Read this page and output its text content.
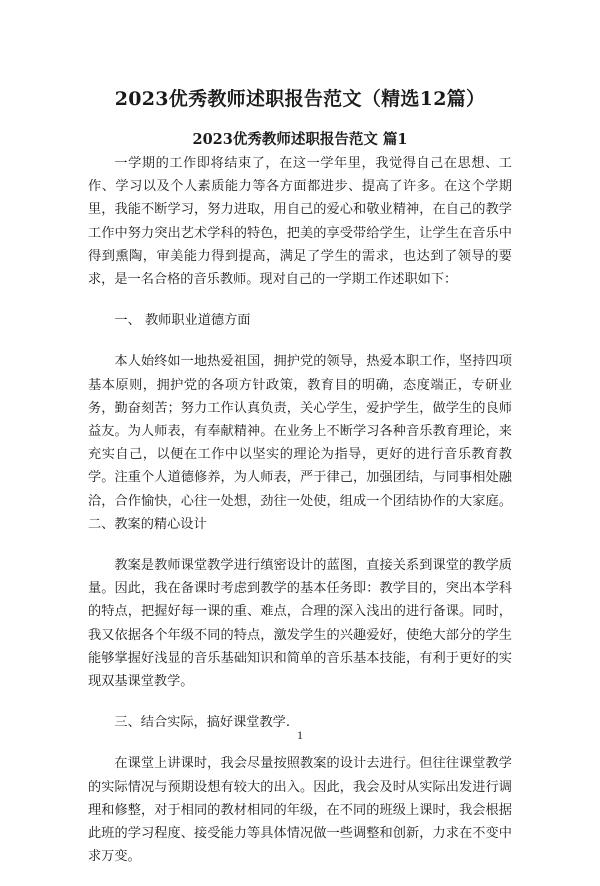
2023优秀教师述职报告范文（精选12篇）
2023优秀教师述职报告范文 篇1

一学期的工作即将结束了，在这一学年里，我觉得自己在思想、工作、学习以及个人素质能力等各方面都进步、提高了许多。在这个学期里，我能不断学习，努力进取，用自己的爱心和敬业精神，在自己的教学工作中努力突出艺术学科的特色，把美的享受带给学生，让学生在音乐中得到熏陶，审美能力得到提高，满足了学生的需求，也达到了领导的要求，是一名合格的音乐教师。现对自己的一学期工作述职如下：

一、 教师职业道德方面

本人始终如一地热爱祖国，拥护党的领导，热爱本职工作，坚持四项基本原则，拥护党的各项方针政策，教育目的明确，态度端正，专研业务，勤奋刻苦；努力工作认真负责，关心学生，爱护学生，做学生的良师益友。为人师表，有奉献精神。在业务上不断学习各种音乐教育理论，来充实自己，以便在工作中以坚实的理论为指导，更好的进行音乐教育教学。注重个人道德修养，为人师表，严于律己，加强团结，与同事相处融洽，合作愉快，心往一处想，劲往一处使，组成一个团结协作的大家庭。二、教案的精心设计

教案是教师课堂教学进行缜密设计的蓝图，直接关系到课堂的教学质量。因此，我在备课时考虑到教学的基本任务即：教学目的，突出本学科的特点，把握好每一课的重、难点，合理的深入浅出的进行备课。同时，我又依据各个年级不同的特点，激发学生的兴趣爱好，使绝大部分的学生能够掌握好浅显的音乐基础知识和简单的音乐基本技能，有利于更好的实现双基课堂教学。

三、结合实际，搞好课堂教学.

在课堂上讲课时，我会尽量按照教案的设计去进行。但往往课堂教学的实际情况与预期设想有较大的出入。因此，我会及时从实际出发进行调理和修整，对于相同的教材相同的年级，在不同的班级上课时，我会根据此班的学习程度、接受能力等具体情况做一些调整和创新，力求在不变中求万变。

1
